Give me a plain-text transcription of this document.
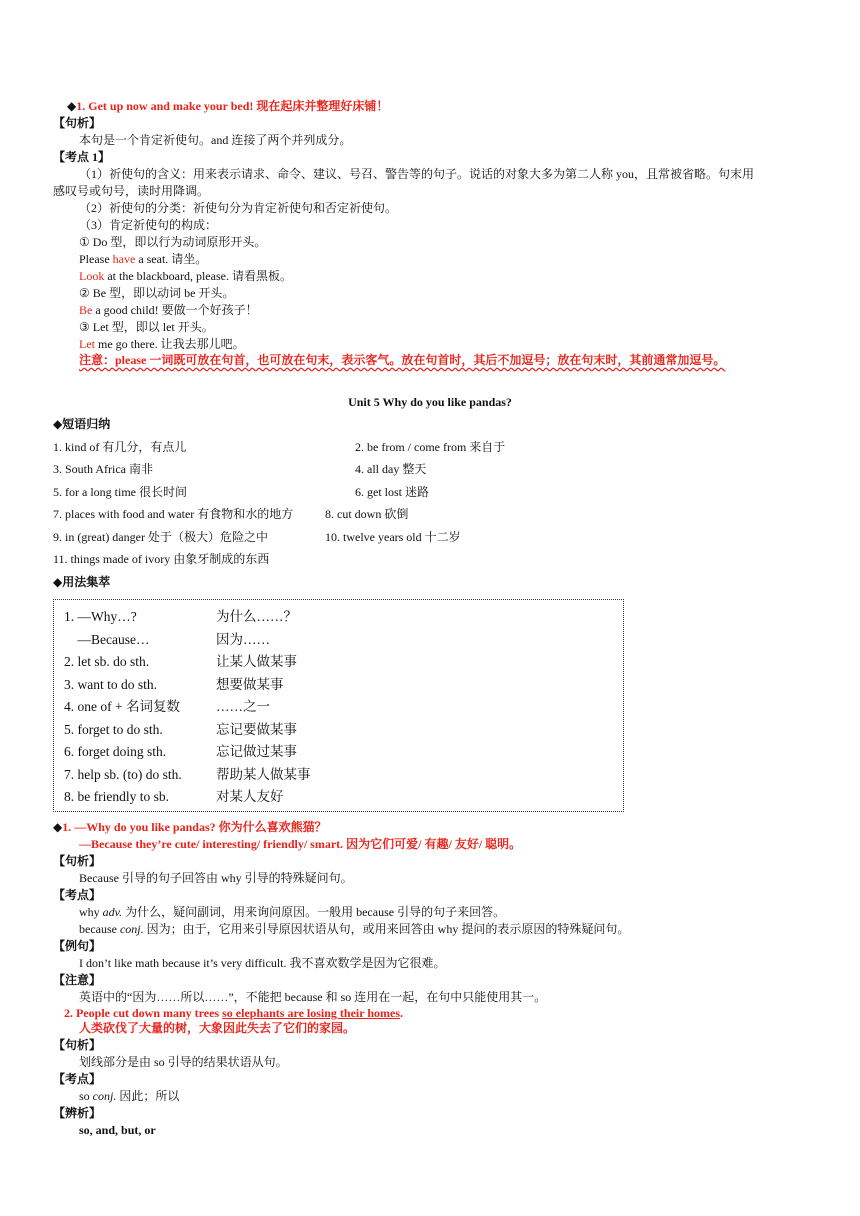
◆1. Get up now and make your bed! 现在起床并整理好床铺！
【句析】
本句是一个肯定祈使句。and 连接了两个并列成分。
【考点 1】
（1）祈使句的含义：用来表示请求、命令、建议、号召、警告等的句子。说话的对象大多为第二人称 you，且常被省略。句末用
感叹号或句号，读时用降调。
（2）祈使句的分类：祈使句分为肯定祈使句和否定祈使句。
（3）肯定祈使句的构成：
① Do 型，即以行为动词原形开头。
Please have a seat. 请坐。
Look at the blackboard, please. 请看黑板。
② Be 型，即以动词 be 开头。
Be a good child! 要做一个好孩子！
③ Let 型，即以 let 开头。
Let me go there. 让我去那儿吧。
注意：please 一词既可放在句首，也可放在句末，表示客气。放在句首时，其后不加逗号；放在句末时，其前通常加逗号。
Unit 5 Why do you like pandas?
◆短语归纳
1. kind of 有几分，有点儿	2. be from / come from 来自于
3. South Africa 南非	4. all day 整天
5. for a long time 很长时间	6. get lost 迷路
7. places with food and water 有食物和水的地方	8. cut down 砍倒
9. in (great) danger 处于（极大）危险之中	10. twelve years old 十二岁
11. things made of ivory 由象牙制成的东西
◆用法集萃
1. —Why…?	为什么……？
—Because…	因为……
2. let sb. do sth.	让某人做某事
3. want to do sth.	想要做某事
4. one of + 名词复数	……之一
5. forget to do sth.	忘记要做某事
6. forget doing sth.	忘记做过某事
7. help sb. (to) do sth.	帮助某人做某事
8. be friendly to sb.	对某人友好
◆1. —Why do you like pandas? 你为什么喜欢熊猫？
—Because they’re cute/ interesting/ friendly/ smart. 因为它们可爱/ 有趣/ 友好/ 聪明。
【句析】
Because 引导的句子回答由 why 引导的特殊疑问句。
【考点】
why adv. 为什么，疑问副词，用来询问原因。一般用 because 引导的句子来回答。
because conj. 因为；由于，它用来引导原因状语从句，或用来回答由 why 提问的表示原因的特殊疑问句。
【例句】
I don’t like math because it’s very difficult. 我不喜欢数学是因为它很难。
【注意】
英语中的“因为……所以……”，不能把 because 和 so 连用在一起，在句中只能使用其一。
2. People cut down many trees so elephants are losing their homes.
人类砍伐了大量的树，大象因此失去了它们的家园。
【句析】
划线部分是由 so 引导的结果状语从句。
【考点】
so conj. 因此；所以
【辨析】
so, and, but, or
